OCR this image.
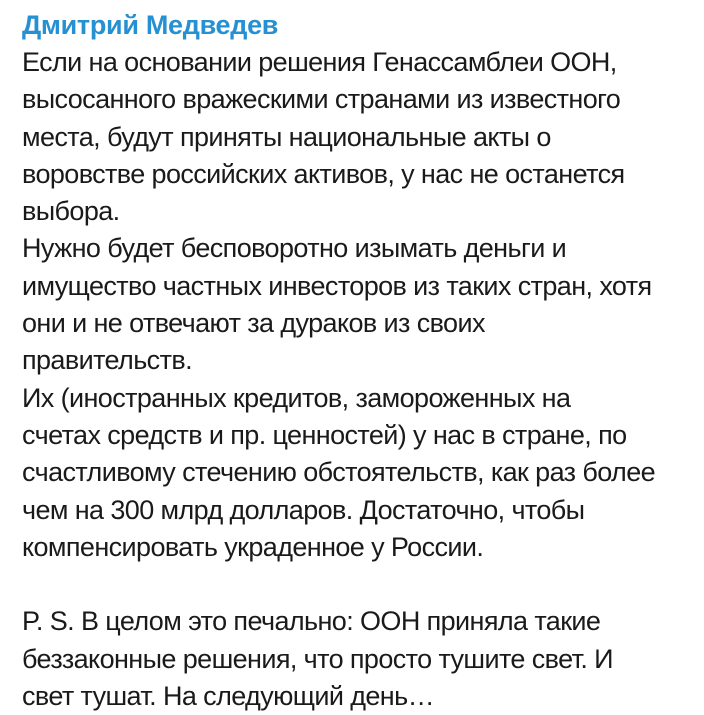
Дмитрий Медведев
Если на основании решения Генассамблеи ООН,
высосанного вражескими странами из известного
места, будут приняты национальные акты о
воровстве российских активов, у нас не останется
выбора.
Нужно будет бесповоротно изымать деньги и
имущество частных инвесторов из таких стран, хотя
они и не отвечают за дураков из своих
правительств.
Их (иностранных кредитов, замороженных на
счетах средств и пр. ценностей) у нас в стране, по
счастливому стечению обстоятельств, как раз более
чем на 300 млрд долларов. Достаточно, чтобы
компенсировать украденное у России.
P. S. В целом это печально: ООН приняла такие
беззаконные решения, что просто тушите свет. И
свет тушат. На следующий день…
